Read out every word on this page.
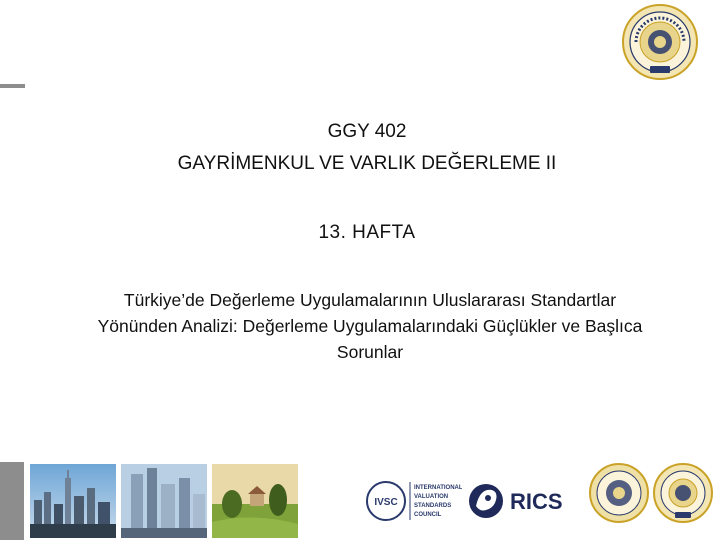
GGY 402
GAYRİMENKUL VE VARLIK DEĞERLEME II
13. HAFTA
Türkiye’de Değerleme Uygulamalarının Uluslararası Standartlar
Yönünden Analizi: Değerleme Uygulamalarındaki Güçlükler ve Başlıca
Sorunlar
IVSC
INTERNATIONAL
VALUATION
STANDARDS
COUNCIL
RICS
